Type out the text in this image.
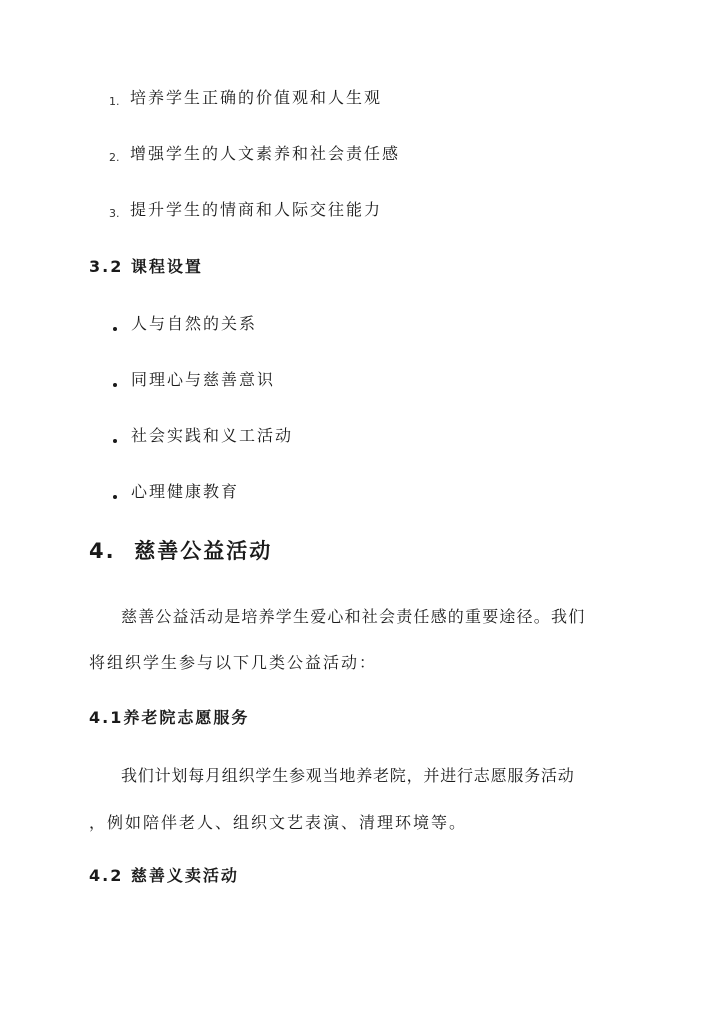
1. 培养学生正确的价值观和人生观
2. 增强学生的人文素养和社会责任感
3. 提升学生的情商和人际交往能力
3.2 课程设置
人与自然的关系
同理心与慈善意识
社会实践和义工活动
心理健康教育
4.  慈善公益活动
慈善公益活动是培养学生爱心和社会责任感的重要途径。我们
将组织学生参与以下几类公益活动：
4.1养老院志愿服务
我们计划每月组织学生参观当地养老院，并进行志愿服务活动
，例如陪伴老人、组织文艺表演、清理环境等。
4.2 慈善义卖活动
